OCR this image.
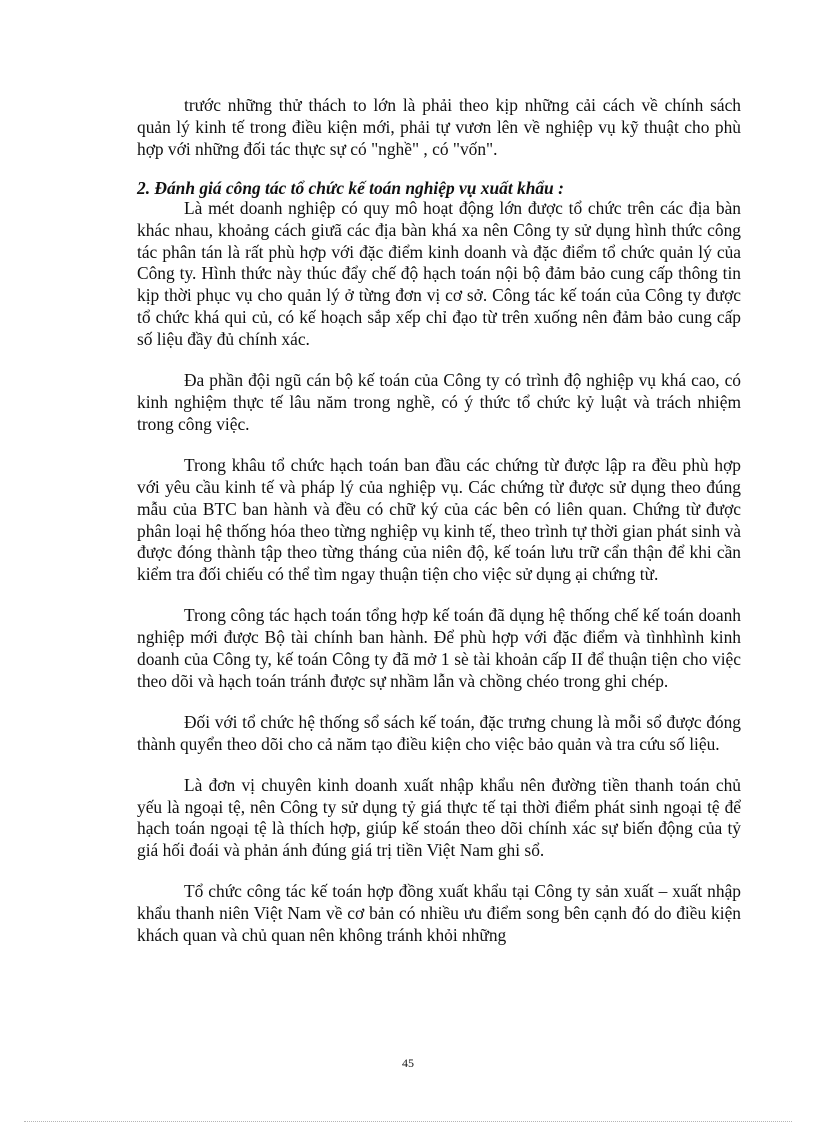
trước những thử thách to lớn là phải theo kịp những cải cách về chính sách quản lý kinh tế trong điều kiện mới, phải tự vươn lên về nghiệp vụ kỹ thuật cho phù hợp với những đối tác thực sự có "nghề" , có "vốn".

2. Đánh giá công tác tổ chức kế toán nghiệp vụ xuất khẩu :

Là mét doanh nghiệp có quy mô hoạt động lớn được tổ chức trên các địa bàn khác nhau, khoảng cách giưã các địa bàn khá xa nên Công ty sử dụng hình thức công tác phân tán là rất phù hợp với đặc điểm kinh doanh và đặc điểm tổ chức quản lý của Công ty. Hình thức này thúc đẩy chế độ hạch toán nội bộ đảm bảo cung cấp thông tin kịp thời phục vụ cho quản lý ở từng đơn vị cơ sở. Công tác kế toán của Công ty được tổ chức khá qui củ, có kế hoạch sắp xếp chỉ đạo từ trên xuống nên đảm bảo cung cấp số liệu đầy đủ chính xác.

Đa phần đội ngũ cán bộ kế toán của Công ty có trình độ nghiệp vụ khá cao, có kinh nghiệm thực tế lâu năm trong nghề, có ý thức tổ chức kỷ luật và trách nhiệm trong công việc.

Trong khâu tổ chức hạch toán ban đầu các chứng từ được lập ra đều phù hợp với yêu cầu kinh tế và pháp lý của nghiệp vụ. Các chứng từ được sử dụng theo đúng mẫu của BTC ban hành và đều có chữ ký của các bên có liên quan. Chứng từ được phân loại hệ thống hóa theo từng nghiệp vụ kinh tế, theo trình tự thời gian phát sinh và được đóng thành tập theo từng tháng của niên độ, kế toán lưu trữ cẩn thận để khi cần kiểm tra đối chiếu có thể tìm ngay thuận tiện cho việc sử dụng ại chứng từ.

Trong công tác hạch toán tổng hợp kế toán đã dụng hệ thống chế kế toán doanh nghiệp mới được Bộ tài chính ban hành. Để phù hợp với đặc điểm và tìnhhình kinh doanh của Công ty, kế toán Công ty đã mở 1 sè tài khoản cấp II để thuận tiện cho việc theo dõi và hạch toán tránh được sự nhầm lẫn và chồng chéo trong ghi chép.

Đối với tổ chức hệ thống sổ sách kế toán, đặc trưng chung là mỗi sổ được đóng thành quyển theo dõi cho cả năm tạo điều kiện cho việc bảo quản và tra cứu số liệu.

Là đơn vị chuyên kinh doanh xuất nhập khẩu nên đường tiền thanh toán chủ yếu là ngoại tệ, nên Công ty sử dụng tỷ giá thực tế tại thời điểm phát sinh ngoại tệ để hạch toán ngoại tệ là thích hợp, giúp kế stoán theo dõi chính xác sự biến động của tỷ giá hối đoái và phản ánh đúng giá trị tiền Việt Nam ghi sổ.

Tổ chức công tác kế toán hợp đồng xuất khẩu tại Công ty sản xuất – xuất nhập khẩu thanh niên Việt Nam về cơ bản có nhiều ưu điểm song bên cạnh đó do điều kiện khách quan và chủ quan nên không tránh khỏi những

45
